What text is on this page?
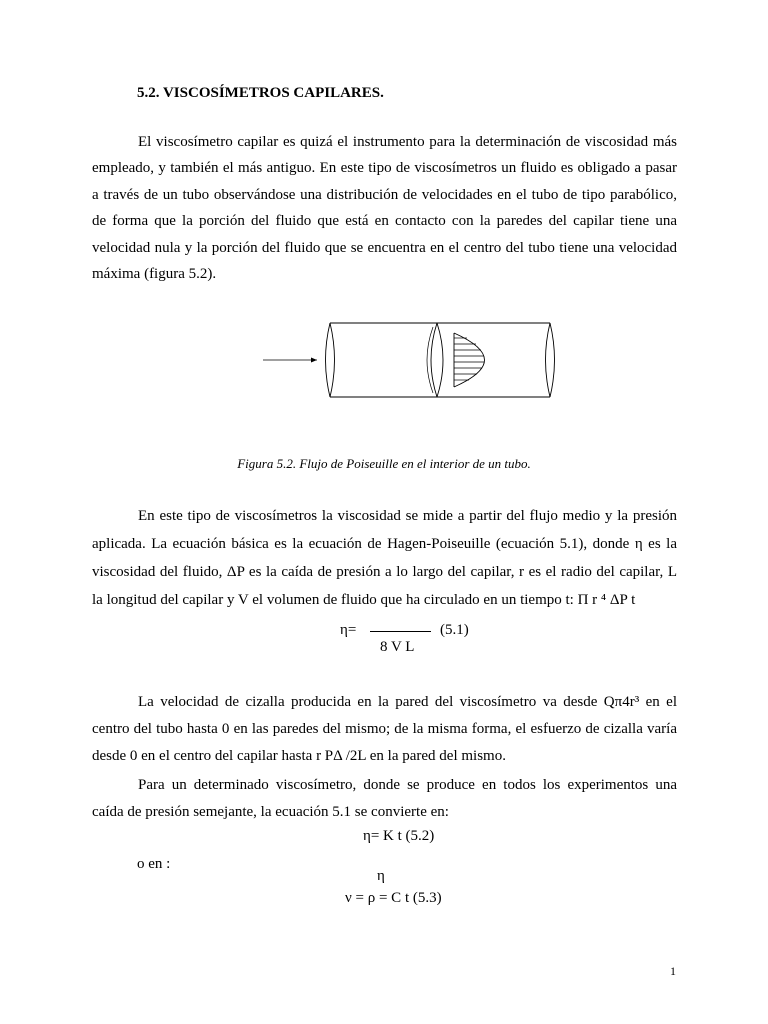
5.2. VISCOSÍMETROS CAPILARES.
El viscosímetro capilar es quizá el instrumento para la determinación de viscosidad más
empleado, y también el más antiguo. En este tipo de viscosímetros un fluido es obligado a pasar
a través de un tubo observándose una distribución de velocidades en el tubo de tipo parabólico,
de forma que la porción del fluido que está en contacto con la paredes del capilar tiene una
velocidad nula y la porción del fluido que se encuentra en el centro del tubo tiene una velocidad
máxima (figura 5.2).
Figura 5.2. Flujo de Poiseuille en el interior de un tubo.
En este tipo de viscosímetros la viscosidad se mide a partir del flujo medio y la presión
aplicada. La ecuación básica es la ecuación de Hagen-Poiseuille (ecuación 5.1), donde η es la
viscosidad del fluido, ΔP es la caída de presión a lo largo del capilar, r es el radio del capilar, L
la longitud del capilar y V el volumen de fluido que ha circulado en un tiempo t: Π r ⁴ ΔP t
η=	(5.1)
8 V L
La velocidad de cizalla producida en la pared del viscosímetro va desde Qπ4r³ en el
centro del tubo hasta 0 en las paredes del mismo; de la misma forma, el esfuerzo de cizalla varía
desde 0 en el centro del capilar hasta r PΔ /2L en la pared del mismo.
Para un determinado viscosímetro, donde se produce en todos los experimentos una
caída de presión semejante, la ecuación 5.1 se convierte en:
η= K t (5.2)
o en :
η
ν = ρ = C t (5.3)
1
